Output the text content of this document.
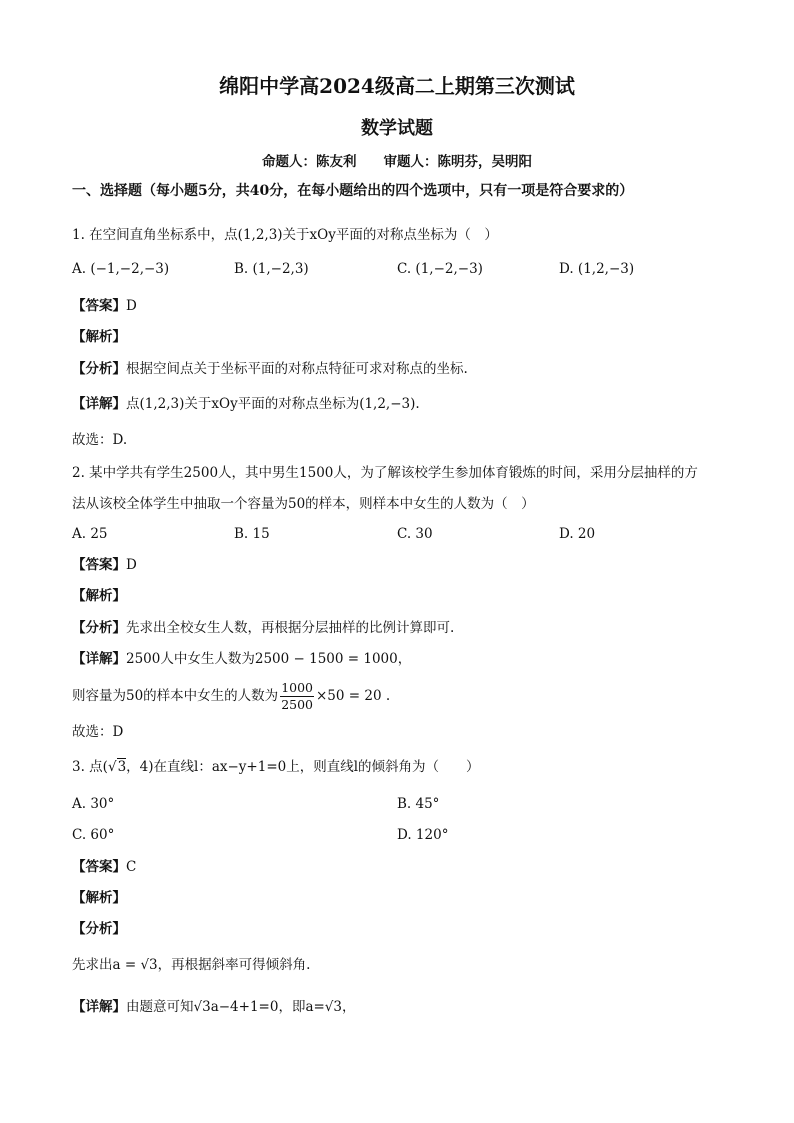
绵阳中学高2024级高二上期第三次测试
数学试题
命题人：陈友利　　审题人：陈明芬，吴明阳
一、选择题（每小题5分，共40分，在每小题给出的四个选项中，只有一项是符合要求的）
1. 在空间直角坐标系中，点(1,2,3)关于xOy平面的对称点坐标为（　）
A. (−1,−2,−3)	B. (1,−2,3)	C. (1,−2,−3)	D. (1,2,−3)
【答案】D
【解析】
【分析】根据空间点关于坐标平面的对称点特征可求对称点的坐标.
【详解】点(1,2,3)关于xOy平面的对称点坐标为(1,2,−3).
故选：D.
2. 某中学共有学生2500人，其中男生1500人，为了解该校学生参加体育锻炼的时间，采用分层抽样的方
法从该校全体学生中抽取一个容量为50的样本，则样本中女生的人数为（　）
A. 25	B. 15	C. 30	D. 20
【答案】D
【解析】
【分析】先求出全校女生人数，再根据分层抽样的比例计算即可.
【详解】2500人中女生人数为2500 − 1500 = 1000，
则容量为50的样本中女生的人数为 $\frac{1000}{2500} \times 50 = 20$ .
故选：D
3. 点(√3，4)在直线l：ax−y+1=0上，则直线l的倾斜角为（　　）
A. 30°	B. 45°
C. 60°	D. 120°
【答案】C
【解析】
【分析】
先求出a = √3，再根据斜率可得倾斜角.
【详解】由题意可知√3a−4+1=0，即a=√3，
